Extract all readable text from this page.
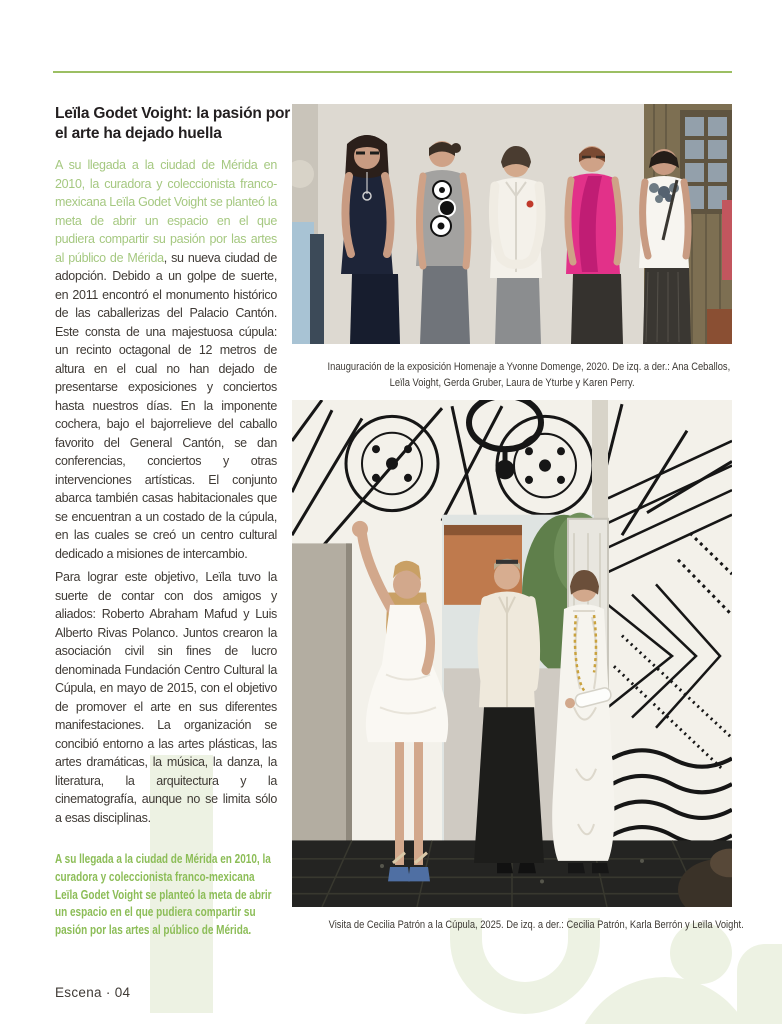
Leïla Godet Voight: la pasión por
el arte ha dejado huella

A su llegada a la ciudad de Mérida en 2010, la curadora y coleccionista franco-mexicana Leïla Godet Voight se planteó la meta de abrir un espacio en el que pudiera compartir su pasión por las artes al público de Mérida, su nueva ciudad de adopción. Debido a un golpe de suerte, en 2011 encontró el monumento histórico de las caballerizas del Palacio Cantón. Este consta de una majestuosa cúpula: un recinto octagonal de 12 metros de altura en el cual no han dejado de presentarse exposiciones y conciertos hasta nuestros días. En la imponente cochera, bajo el bajorrelieve del caballo favorito del General Cantón, se dan conferencias, conciertos y otras intervenciones artísticas. El conjunto abarca también casas habitacionales que se encuentran a un costado de la cúpula, en las cuales se creó un centro cultural dedicado a misiones de intercambio.

Para lograr este objetivo, Leïla tuvo la suerte de contar con dos amigos y aliados: Roberto Abraham Mafud y Luis Alberto Rivas Polanco. Juntos crearon la asociación civil sin fines de lucro denominada Fundación Centro Cultural la Cúpula, en mayo de 2015, con el objetivo de promover el arte en sus diferentes manifestaciones. La organización se concibió entorno a las artes plásticas, las artes dramáticas, la música, la danza, la literatura, la arquitectura y la cinematografía, aunque no se limita sólo a esas disciplinas.

A su llegada a la ciudad de Mérida en 2010, la
curadora y coleccionista franco-mexicana
Leïla Godet Voight se planteó la meta de abrir
un espacio en el que pudiera compartir su
pasión por las artes al público de Mérida.
Inauguración de la exposición Homenaje a Yvonne Domenge, 2020. De izq. a der.: Ana Ceballos,
Leïla Voight, Gerda Gruber, Laura de Yturbe y Karen Perry.
Visita de Cecilia Patrón a la Cúpula, 2025. De izq. a der.: Cecilia Patrón, Karla Berrón y Leïla Voight.
Escena · 04
